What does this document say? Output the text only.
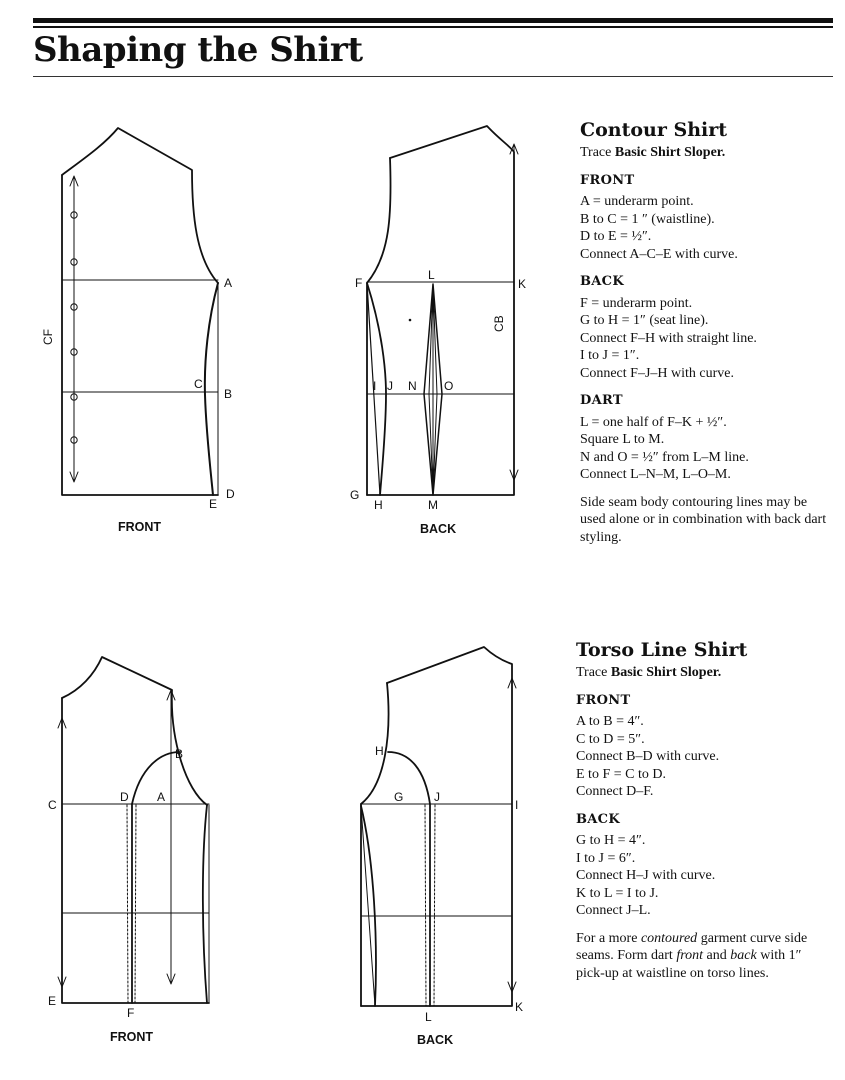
Shaping the Shirt
CF
A
B
C
D
E
FRONT
CB
F	K
L
I J N O
G
H	M
BACK
C
D A
B
E
F
FRONT
H
G	J
I
K
L
BACK
Contour Shirt

Trace Basic Shirt Sloper.

FRONT
A = underarm point.
B to C = 1 ″ (waistline).
D to E = ½″.
Connect A–C–E with curve.
BACK
F = underarm point.
G to H = 1″ (seat line).
Connect F–H with straight line.
I to J = 1″.
Connect F–J–H with curve.
DART
L = one half of F–K + ½″.
Square L to M.
N and O = ½″ from L–M line.
Connect L–N–M, L–O–M.

Side seam body contouring lines may be used alone or in combination with back dart styling.

Torso Line Shirt

Trace Basic Shirt Sloper.

FRONT
A to B = 4″.
C to D = 5″.
Connect B–D with curve.
E to F = C to D.
Connect D–F.
BACK
G to H = 4″.
I to J = 6″.
Connect H–J with curve.
K to L = I to J.
Connect J–L.

For a more contoured garment curve side seams. Form dart front and back with 1″ pick-up at waistline on torso lines.
